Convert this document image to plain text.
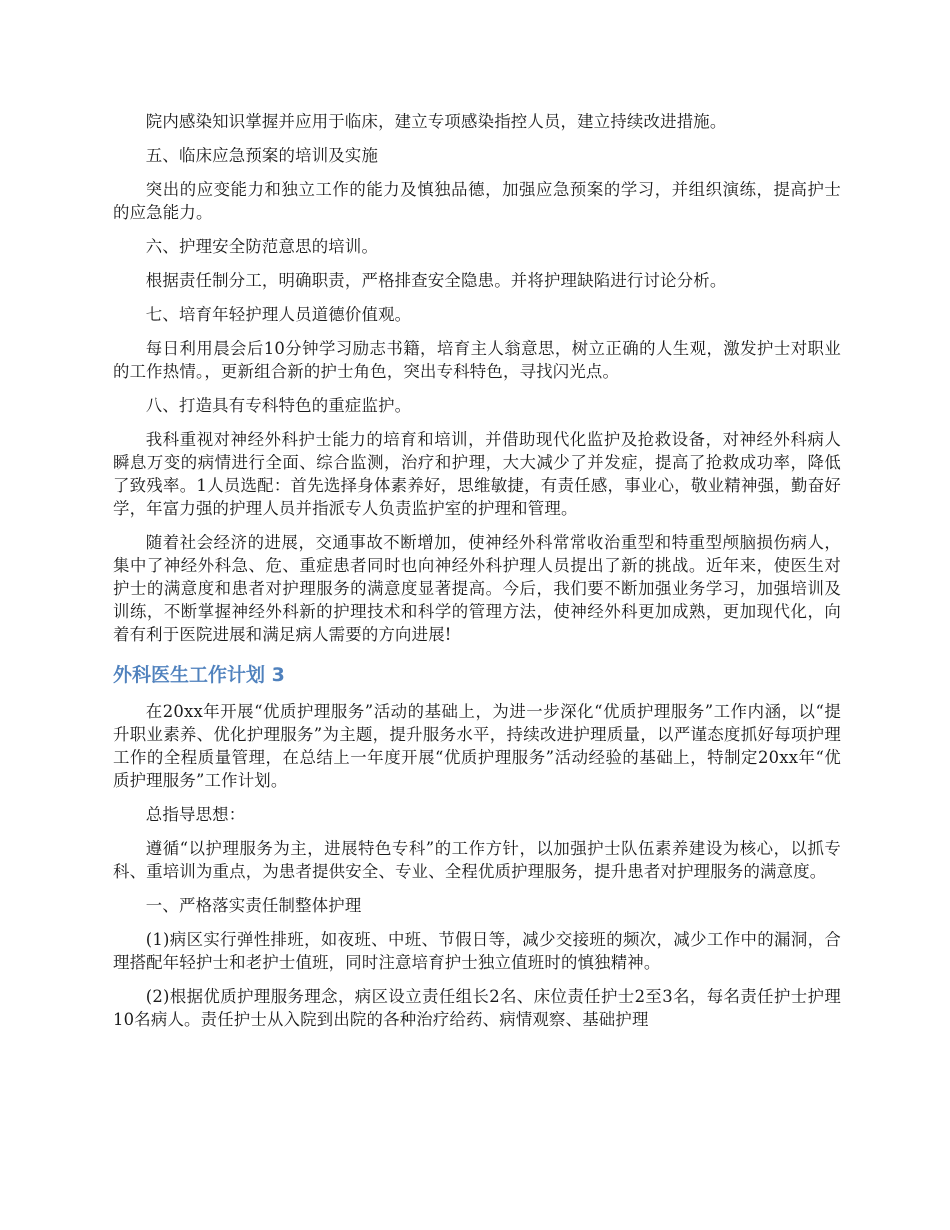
院内感染知识掌握并应用于临床，建立专项感染指控人员，建立持续改进措施。

五、临床应急预案的培训及实施

突出的应变能力和独立工作的能力及慎独品德，加强应急预案的学习，并组织演练，提高护士的应急能力。

六、护理安全防范意思的培训。

根据责任制分工，明确职责，严格排查安全隐患。并将护理缺陷进行讨论分析。

七、培育年轻护理人员道德价值观。

每日利用晨会后10分钟学习励志书籍，培育主人翁意思，树立正确的人生观，激发护士对职业的工作热情。，更新组合新的护士角色，突出专科特色，寻找闪光点。

八、打造具有专科特色的重症监护。

我科重视对神经外科护士能力的培育和培训，并借助现代化监护及抢救设备，对神经外科病人瞬息万变的病情进行全面、综合监测，治疗和护理，大大减少了并发症，提高了抢救成功率，降低了致残率。1人员选配：首先选择身体素养好，思维敏捷，有责任感，事业心，敬业精神强，勤奋好学，年富力强的护理人员并指派专人负责监护室的护理和管理。

随着社会经济的进展，交通事故不断增加，使神经外科常常收治重型和特重型颅脑损伤病人，集中了神经外科急、危、重症患者同时也向神经外科护理人员提出了新的挑战。近年来，使医生对护士的满意度和患者对护理服务的满意度显著提高。今后，我们要不断加强业务学习，加强培训及训练，不断掌握神经外科新的护理技术和科学的管理方法，使神经外科更加成熟，更加现代化，向着有利于医院进展和满足病人需要的方向进展!

外科医生工作计划 3

在20xx年开展“优质护理服务”活动的基础上，为进一步深化“优质护理服务”工作内涵，以“提升职业素养、优化护理服务”为主题，提升服务水平，持续改进护理质量，以严谨态度抓好每项护理工作的全程质量管理，在总结上一年度开展“优质护理服务”活动经验的基础上，特制定20xx年“优质护理服务”工作计划。

总指导思想：

遵循“以护理服务为主，进展特色专科”的工作方针，以加强护士队伍素养建设为核心，以抓专科、重培训为重点，为患者提供安全、专业、全程优质护理服务，提升患者对护理服务的满意度。

一、严格落实责任制整体护理

(1)病区实行弹性排班，如夜班、中班、节假日等，减少交接班的频次，减少工作中的漏洞，合理搭配年轻护士和老护士值班，同时注意培育护士独立值班时的慎独精神。

(2)根据优质护理服务理念，病区设立责任组长2名、床位责任护士2至3名，每名责任护士护理10名病人。责任护士从入院到出院的各种治疗给药、病情观察、基础护理
